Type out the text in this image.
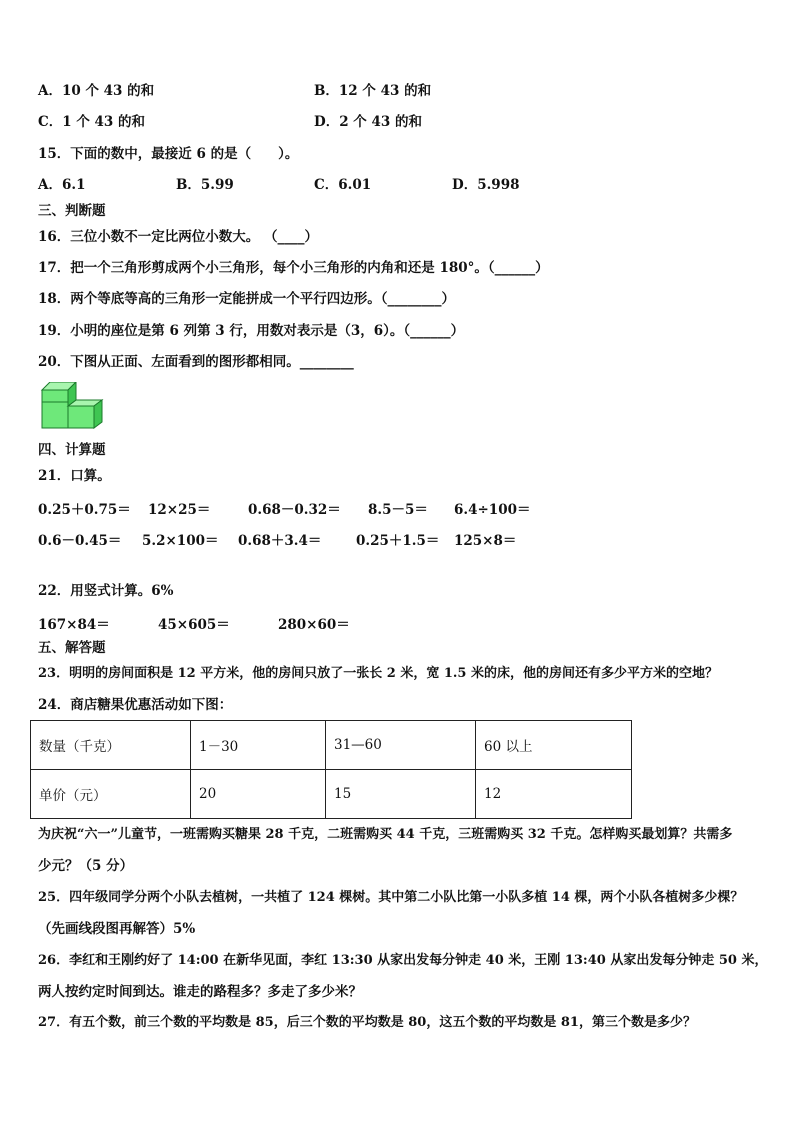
A．10 个 43 的和	B．12 个 43 的和
C．1 个 43 的和	D．2 个 43 的和
15．下面的数中，最接近 6 的是（　　）。
A．6.1	B．5.99	C．6.01	D．5.998
三、判断题
16．三位小数不一定比两位小数大。 （____）
17．把一个三角形剪成两个小三角形，每个小三角形的内角和还是 180°。（______）
18．两个等底等高的三角形一定能拼成一个平行四边形。（________）
19．小明的座位是第 6 列第 3 行，用数对表示是（3，6）。（______）
20．下图从正面、左面看到的图形都相同。________
四、计算题
21．口算。
0.25＋0.75＝ 12×25＝	0.68－0.32＝ 8.5－5＝ 6.4÷100＝
0.6－0.45＝ 5.2×100＝ 0.68＋3.4＝	0.25＋1.5＝ 125×8＝
22．用竖式计算。6%
167×84＝	45×605＝	280×60＝
五、解答题
23．明明的房间面积是 12 平方米，他的房间只放了一张长 2 米，宽 1.5 米的床，他的房间还有多少平方米的空地？
24．商店糖果优惠活动如下图：
数量（千克）	1－30	31—60	60 以上
单价（元）	20	15	12
为庆祝“六一”儿童节，一班需购买糖果 28 千克，二班需购买 44 千克，三班需购买 32 千克。怎样购买最划算？共需多
少元？（5 分）
25．四年级同学分两个小队去植树，一共植了 124 棵树。其中第二小队比第一小队多植 14 棵，两个小队各植树多少棵？
（先画线段图再解答）5%
26．李红和王刚约好了 14:00 在新华见面，李红 13:30 从家出发每分钟走 40 米，王刚 13:40 从家出发每分钟走 50 米，
两人按约定时间到达。谁走的路程多？多走了多少米？
27．有五个数，前三个数的平均数是 85，后三个数的平均数是 80，这五个数的平均数是 81，第三个数是多少？
